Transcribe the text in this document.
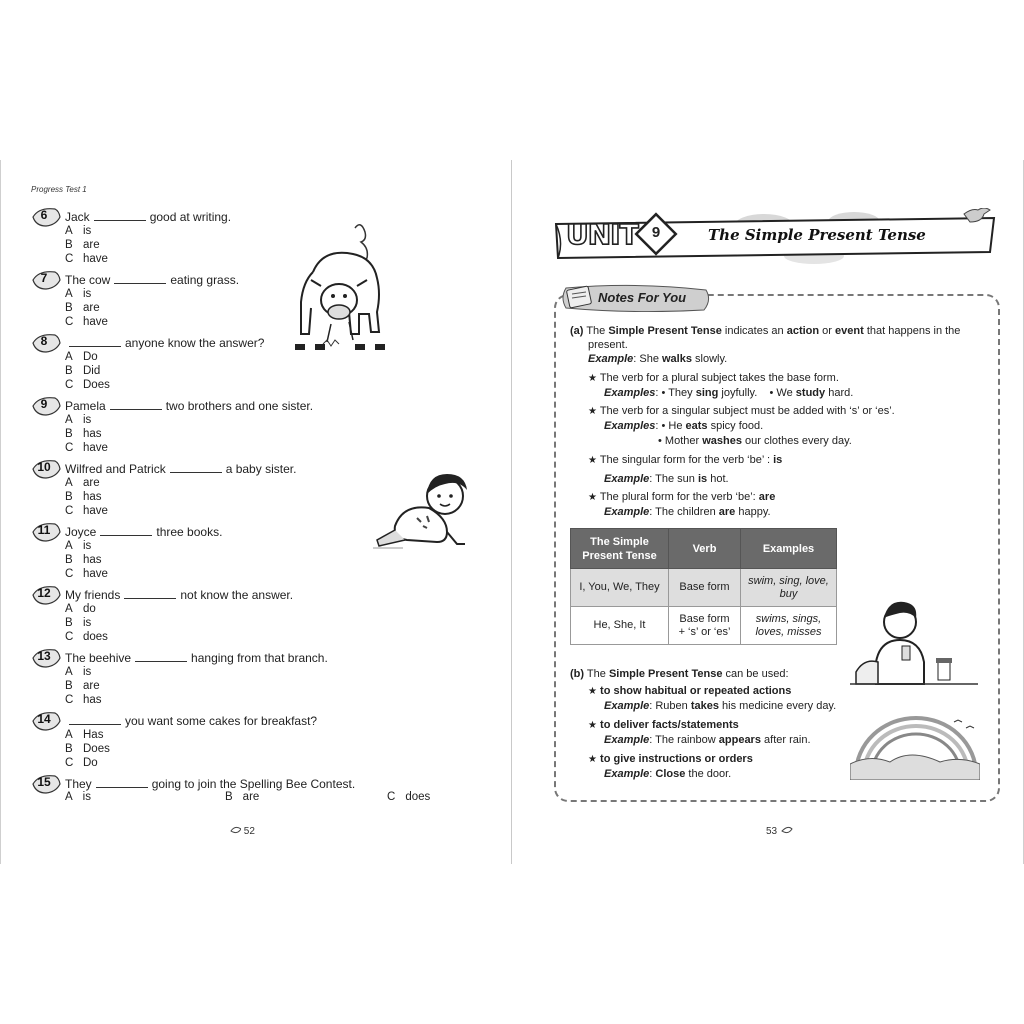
Progress Test 1
6	Jack	good at writing.
A is
B are
C have
7	The cow	eating grass.
A is
B are
C have
8	anyone know the answer?
A Do
B Did
C Does
9	Pamela	two brothers and one sister.
A is
B has
C have
10	Wilfred and Patrick	a baby sister.
A are
B has
C have
11	Joyce	three books.
A is
B has
C have
12	My friends	not know the answer.
A do
B is
C does
13	The beehive	hanging from that branch.
A is
B are
C has
14	you want some cakes for breakfast?
A Has
B Does
C Do
15	They	going to join the Spelling Bee Contest.
A is	B are	C does
52
UNIT 9	The Simple Present Tense
Notes For You
(a) The Simple Present Tense indicates an action or event that happens in the
present.
Example: She walks slowly.
★ The verb for a plural subject takes the base form.
Examples: • They sing joyfully. • We study hard.
★ The verb for a singular subject must be added with ‘s’ or ‘es’.
Examples: • He eats spicy food.
• Mother washes our clothes every day.
★ The singular form for the verb ‘be’ : is
Example: The sun is hot.
★ The plural form for the verb ‘be’: are
Example: The children are happy.
The Simple Present Tense	Verb	Examples
I, You, We, They	Base form	swim, sing, love, buy
He, She, It	Base form + ‘s’ or ‘es’	swims, sings, loves, misses
(b) The Simple Present Tense can be used:
★ to show habitual or repeated actions
Example: Ruben takes his medicine every day.
★ to deliver facts/statements
Example: The rainbow appears after rain.
★ to give instructions or orders
Example: Close the door.
53
